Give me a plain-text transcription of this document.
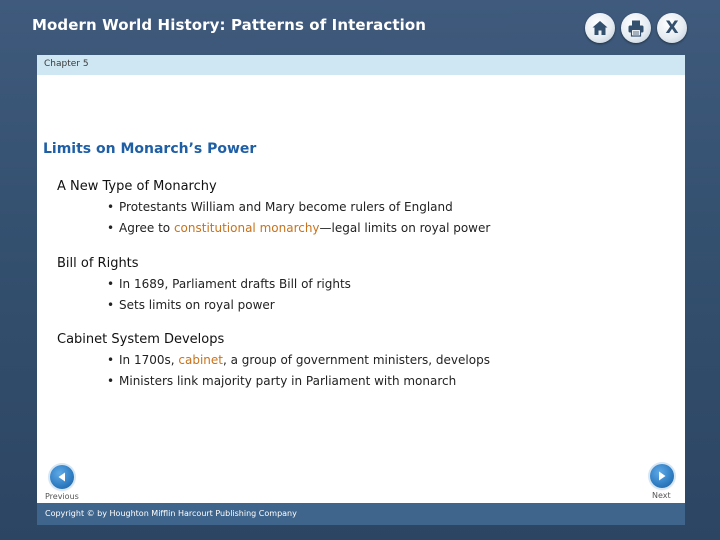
Modern World History: Patterns of Interaction	X
Chapter 5
Limits on Monarch’s Power
A New Type of Monarchy
• Protestants William and Mary become rulers of England
• Agree to constitutional monarchy—legal limits on royal power
Bill of Rights
• In 1689, Parliament drafts Bill of rights
• Sets limits on royal power
Cabinet System Develops
• In 1700s, cabinet, a group of government ministers, develops
• Ministers link majority party in Parliament with monarch
Previous	Next
Copyright © by Houghton Mifflin Harcourt Publishing Company
